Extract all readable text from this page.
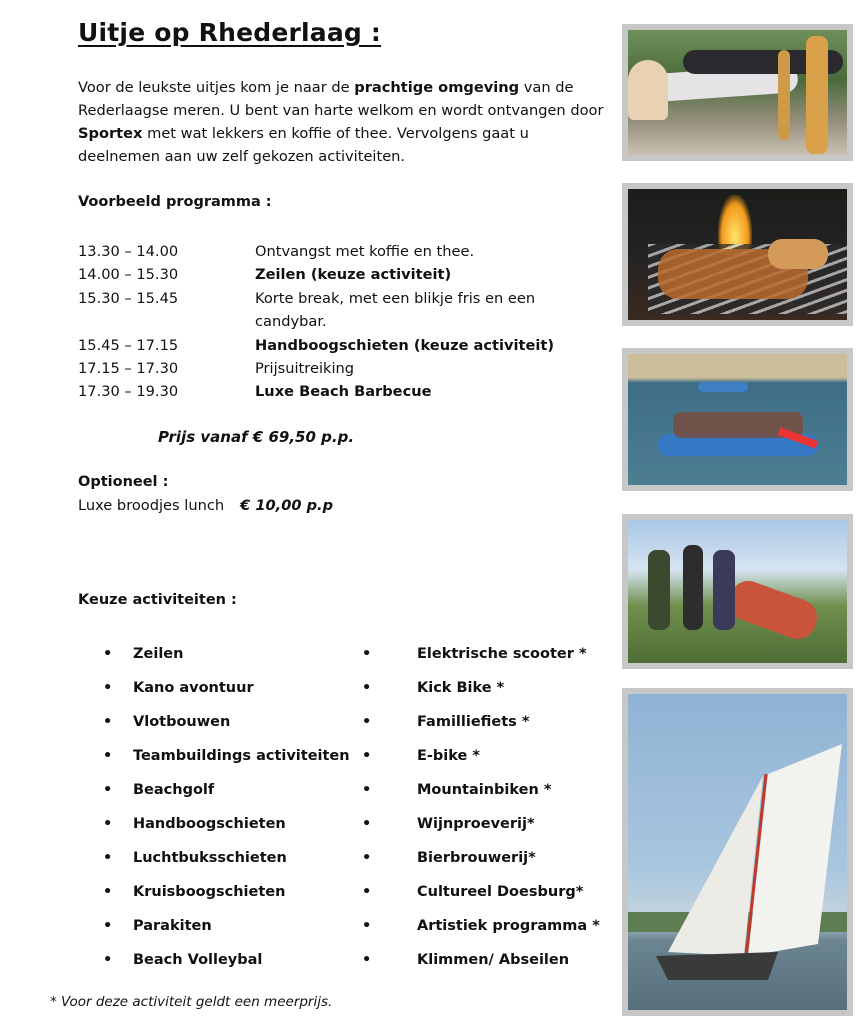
Uitje op Rhederlaag :
Voor de leukste uitjes kom je naar de prachtige omgeving van de Rederlaagse meren. U bent van harte welkom en wordt ontvangen door Sportex met wat lekkers en koffie of thee. Vervolgens gaat u deelnemen aan uw zelf gekozen activiteiten.
Voorbeeld programma :
13.30 – 14.00	Ontvangst met koffie en thee.
14.00 – 15.30	Zeilen (keuze activiteit)
15.30 – 15.45	Korte break, met een blikje fris en een candybar.
15.45 – 17.15	Handboogschieten (keuze activiteit)
17.15 – 17.30	Prijsuitreiking
17.30 – 19.30	Luxe Beach Barbecue
Prijs vanaf € 69,50 p.p.
Optioneel :
Luxe broodjes lunch € 10,00 p.p
Keuze activiteiten :
•	Zeilen
•	Kano avontuur
•	Vlotbouwen
•	Teambuildings activiteiten
•	Beachgolf
•	Handboogschieten
•	Luchtbuksschieten
•	Kruisboogschieten
•	Parakiten
•	Beach Volleybal
•	Elektrische scooter *
•	Kick Bike *
•	Familliefiets *
•	E-bike *
•	Mountainbiken *
•	Wijnproeverij*
•	Bierbrouwerij*
•	Cultureel Doesburg*
•	Artistiek programma *
•	Klimmen/ Abseilen
* Voor deze activiteit geldt een meerprijs.
